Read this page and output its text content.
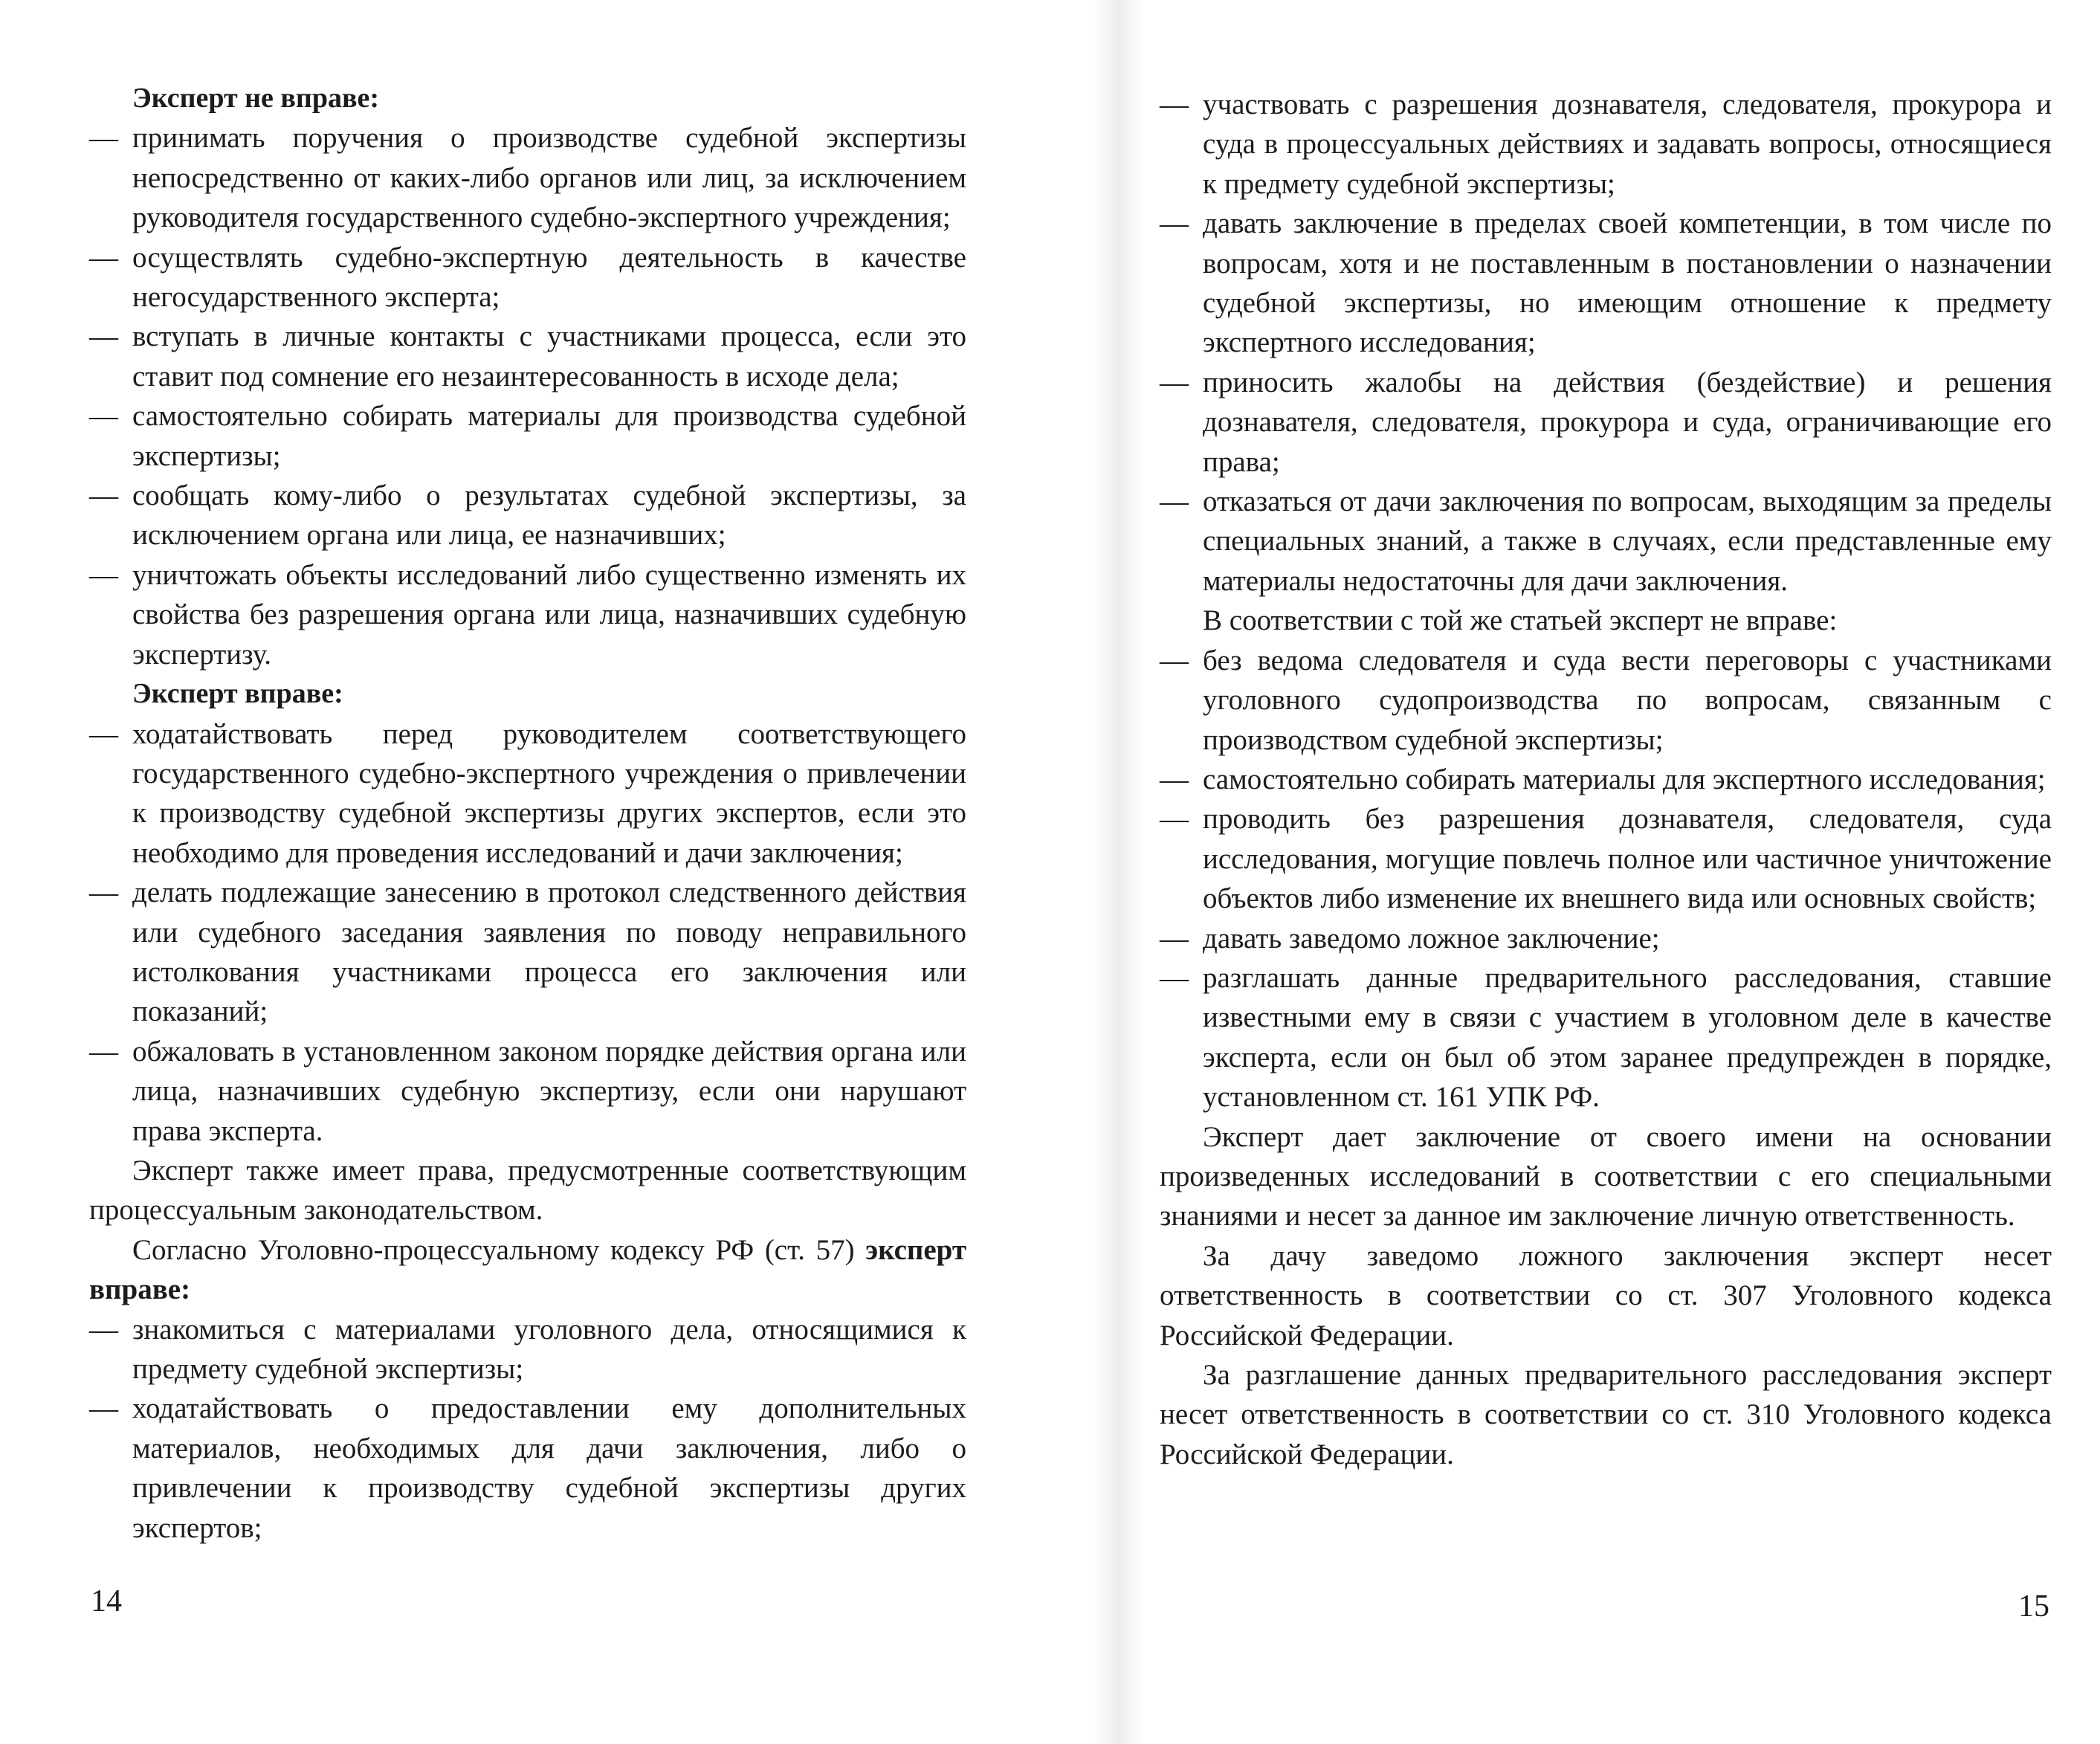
Эксперт не вправе:

— принимать поручения о производстве судебной экспертизы непосредственно от каких-либо органов или лиц, за исключением руководителя государственного судебно-экспертного учреждения;

— осуществлять судебно-экспертную деятельность в качестве негосударственного эксперта;

— вступать в личные контакты с участниками процесса, если это ставит под сомнение его незаинтересованность в исходе дела;

— самостоятельно собирать материалы для производства судебной экспертизы;

— сообщать кому-либо о результатах судебной экспертизы, за исключением органа или лица, ее назначивших;

— уничтожать объекты исследований либо существенно изменять их свойства без разрешения органа или лица, назначивших судебную экспертизу.

Эксперт вправе:

— ходатайствовать перед руководителем соответствующего государственного судебно-экспертного учреждения о привлечении к производству судебной экспертизы других экспертов, если это необходимо для проведения исследований и дачи заключения;

— делать подлежащие занесению в протокол следственного действия или судебного заседания заявления по поводу неправильного истолкования участниками процесса его заключения или показаний;

— обжаловать в установленном законом порядке действия органа или лица, назначивших судебную экспертизу, если они нарушают права эксперта.

Эксперт также имеет права, предусмотренные соответствующим процессуальным законодательством.

Согласно Уголовно-процессуальному кодексу РФ (ст. 57) эксперт вправе:

— знакомиться с материалами уголовного дела, относящимися к предмету судебной экспертизы;

— ходатайствовать о предоставлении ему дополнительных материалов, необходимых для дачи заключения, либо о привлечении к производству судебной экспертизы других экспертов;

14

— участвовать с разрешения дознавателя, следователя, прокурора и суда в процессуальных действиях и задавать вопросы, относящиеся к предмету судебной экспертизы;

— давать заключение в пределах своей компетенции, в том числе по вопросам, хотя и не поставленным в постановлении о назначении судебной экспертизы, но имеющим отношение к предмету экспертного исследования;

— приносить жалобы на действия (бездействие) и решения дознавателя, следователя, прокурора и суда, ограничивающие его права;

— отказаться от дачи заключения по вопросам, выходящим за пределы специальных знаний, а также в случаях, если представленные ему материалы недостаточны для дачи заключения.

В соответствии с той же статьей эксперт не вправе:

— без ведома следователя и суда вести переговоры с участниками уголовного судопроизводства по вопросам, связанным с производством судебной экспертизы;

— самостоятельно собирать материалы для экспертного исследования;

— проводить без разрешения дознавателя, следователя, суда исследования, могущие повлечь полное или частичное уничтожение объектов либо изменение их внешнего вида или основных свойств;

— давать заведомо ложное заключение;

— разглашать данные предварительного расследования, ставшие известными ему в связи с участием в уголовном деле в качестве эксперта, если он был об этом заранее предупрежден в порядке, установленном ст. 161 УПК РФ.

Эксперт дает заключение от своего имени на основании произведенных исследований в соответствии с его специальными знаниями и несет за данное им заключение личную ответственность.

За дачу заведомо ложного заключения эксперт несет ответственность в соответствии со ст. 307 Уголовного кодекса Российской Федерации.

За разглашение данных предварительного расследования эксперт несет ответственность в соответствии со ст. 310 Уголовного кодекса Российской Федерации.

15
